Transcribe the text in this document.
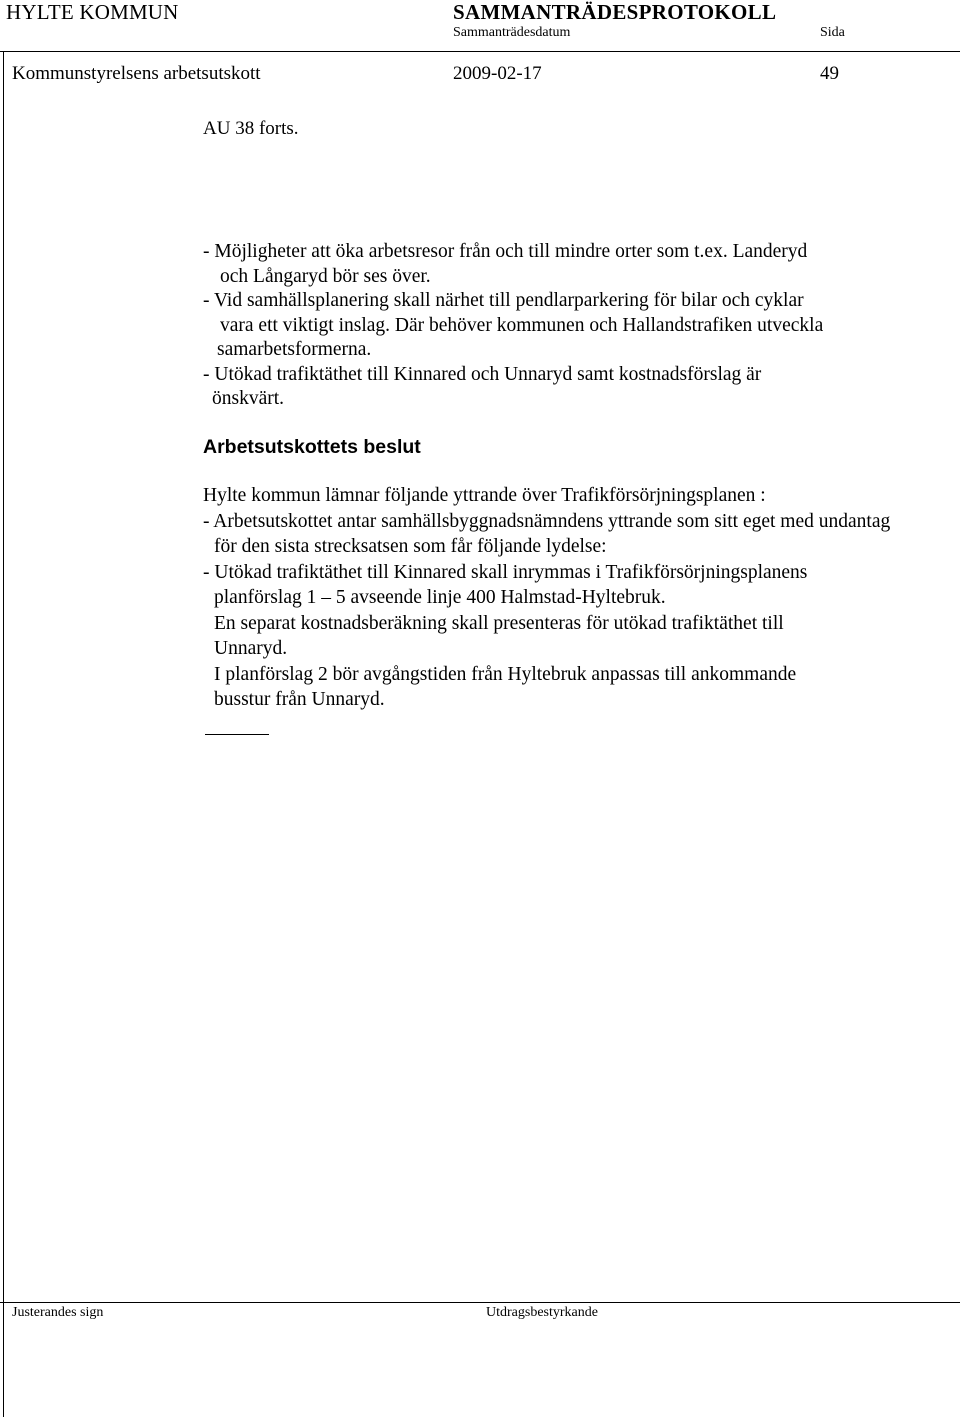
HYLTE KOMMUN	SAMMANTRÄDESPROTOKOLL
Sammanträdesdatum	Sida
Kommunstyrelsens arbetsutskott	2009-02-17	49
AU 38 forts.
- Möjligheter att öka arbetsresor från och till mindre orter som t.ex. Landeryd
och Långaryd bör ses över.
- Vid samhällsplanering skall närhet till pendlarparkering för bilar och cyklar
vara ett viktigt inslag. Där behöver kommunen och Hallandstrafiken utveckla
samarbetsformerna.
- Utökad trafiktäthet till Kinnared och Unnaryd samt kostnadsförslag är
önskvärt.
Arbetsutskottets beslut
Hylte kommun lämnar följande yttrande över Trafikförsörjningsplanen :
- Arbetsutskottet antar samhällsbyggnadsnämndens yttrande som sitt eget med undantag
för den sista strecksatsen som får följande lydelse:
- Utökad trafiktäthet till Kinnared skall inrymmas i Trafikförsörjningsplanens
planförslag 1 – 5 avseende linje 400 Halmstad-Hyltebruk.
En separat kostnadsberäkning skall presenteras för utökad trafiktäthet till
Unnaryd.
I planförslag 2 bör avgångstiden från Hyltebruk anpassas till ankommande
busstur från Unnaryd.
Justerandes sign	Utdragsbestyrkande
